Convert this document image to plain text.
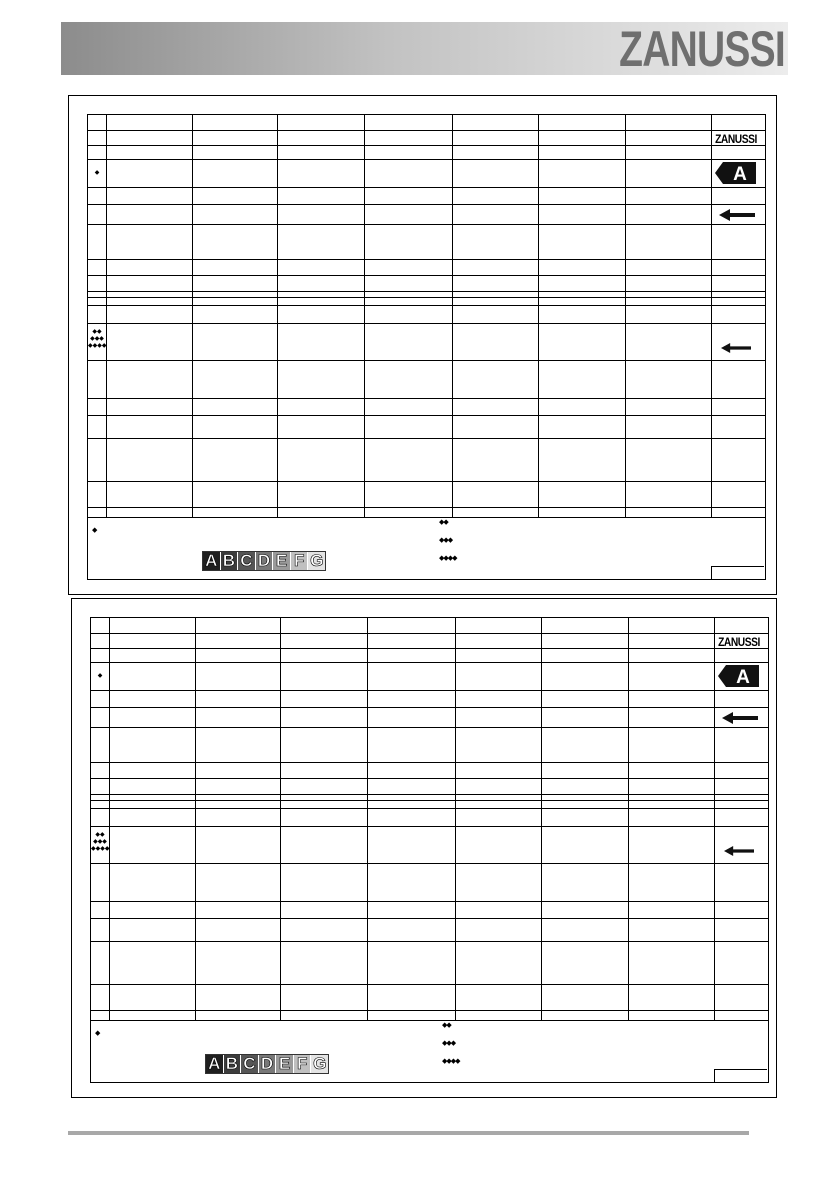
ZANUSSI
ZANUSSI
A
◆
◆◆
◆◆◆
◆◆◆◆
◆
◆◆
◆◆◆
◆◆◆◆
A B C D E F G
ZANUSSI
A
◆
◆◆
◆◆◆
◆◆◆◆
◆
◆◆
◆◆◆
◆◆◆◆
A B C D E F G
